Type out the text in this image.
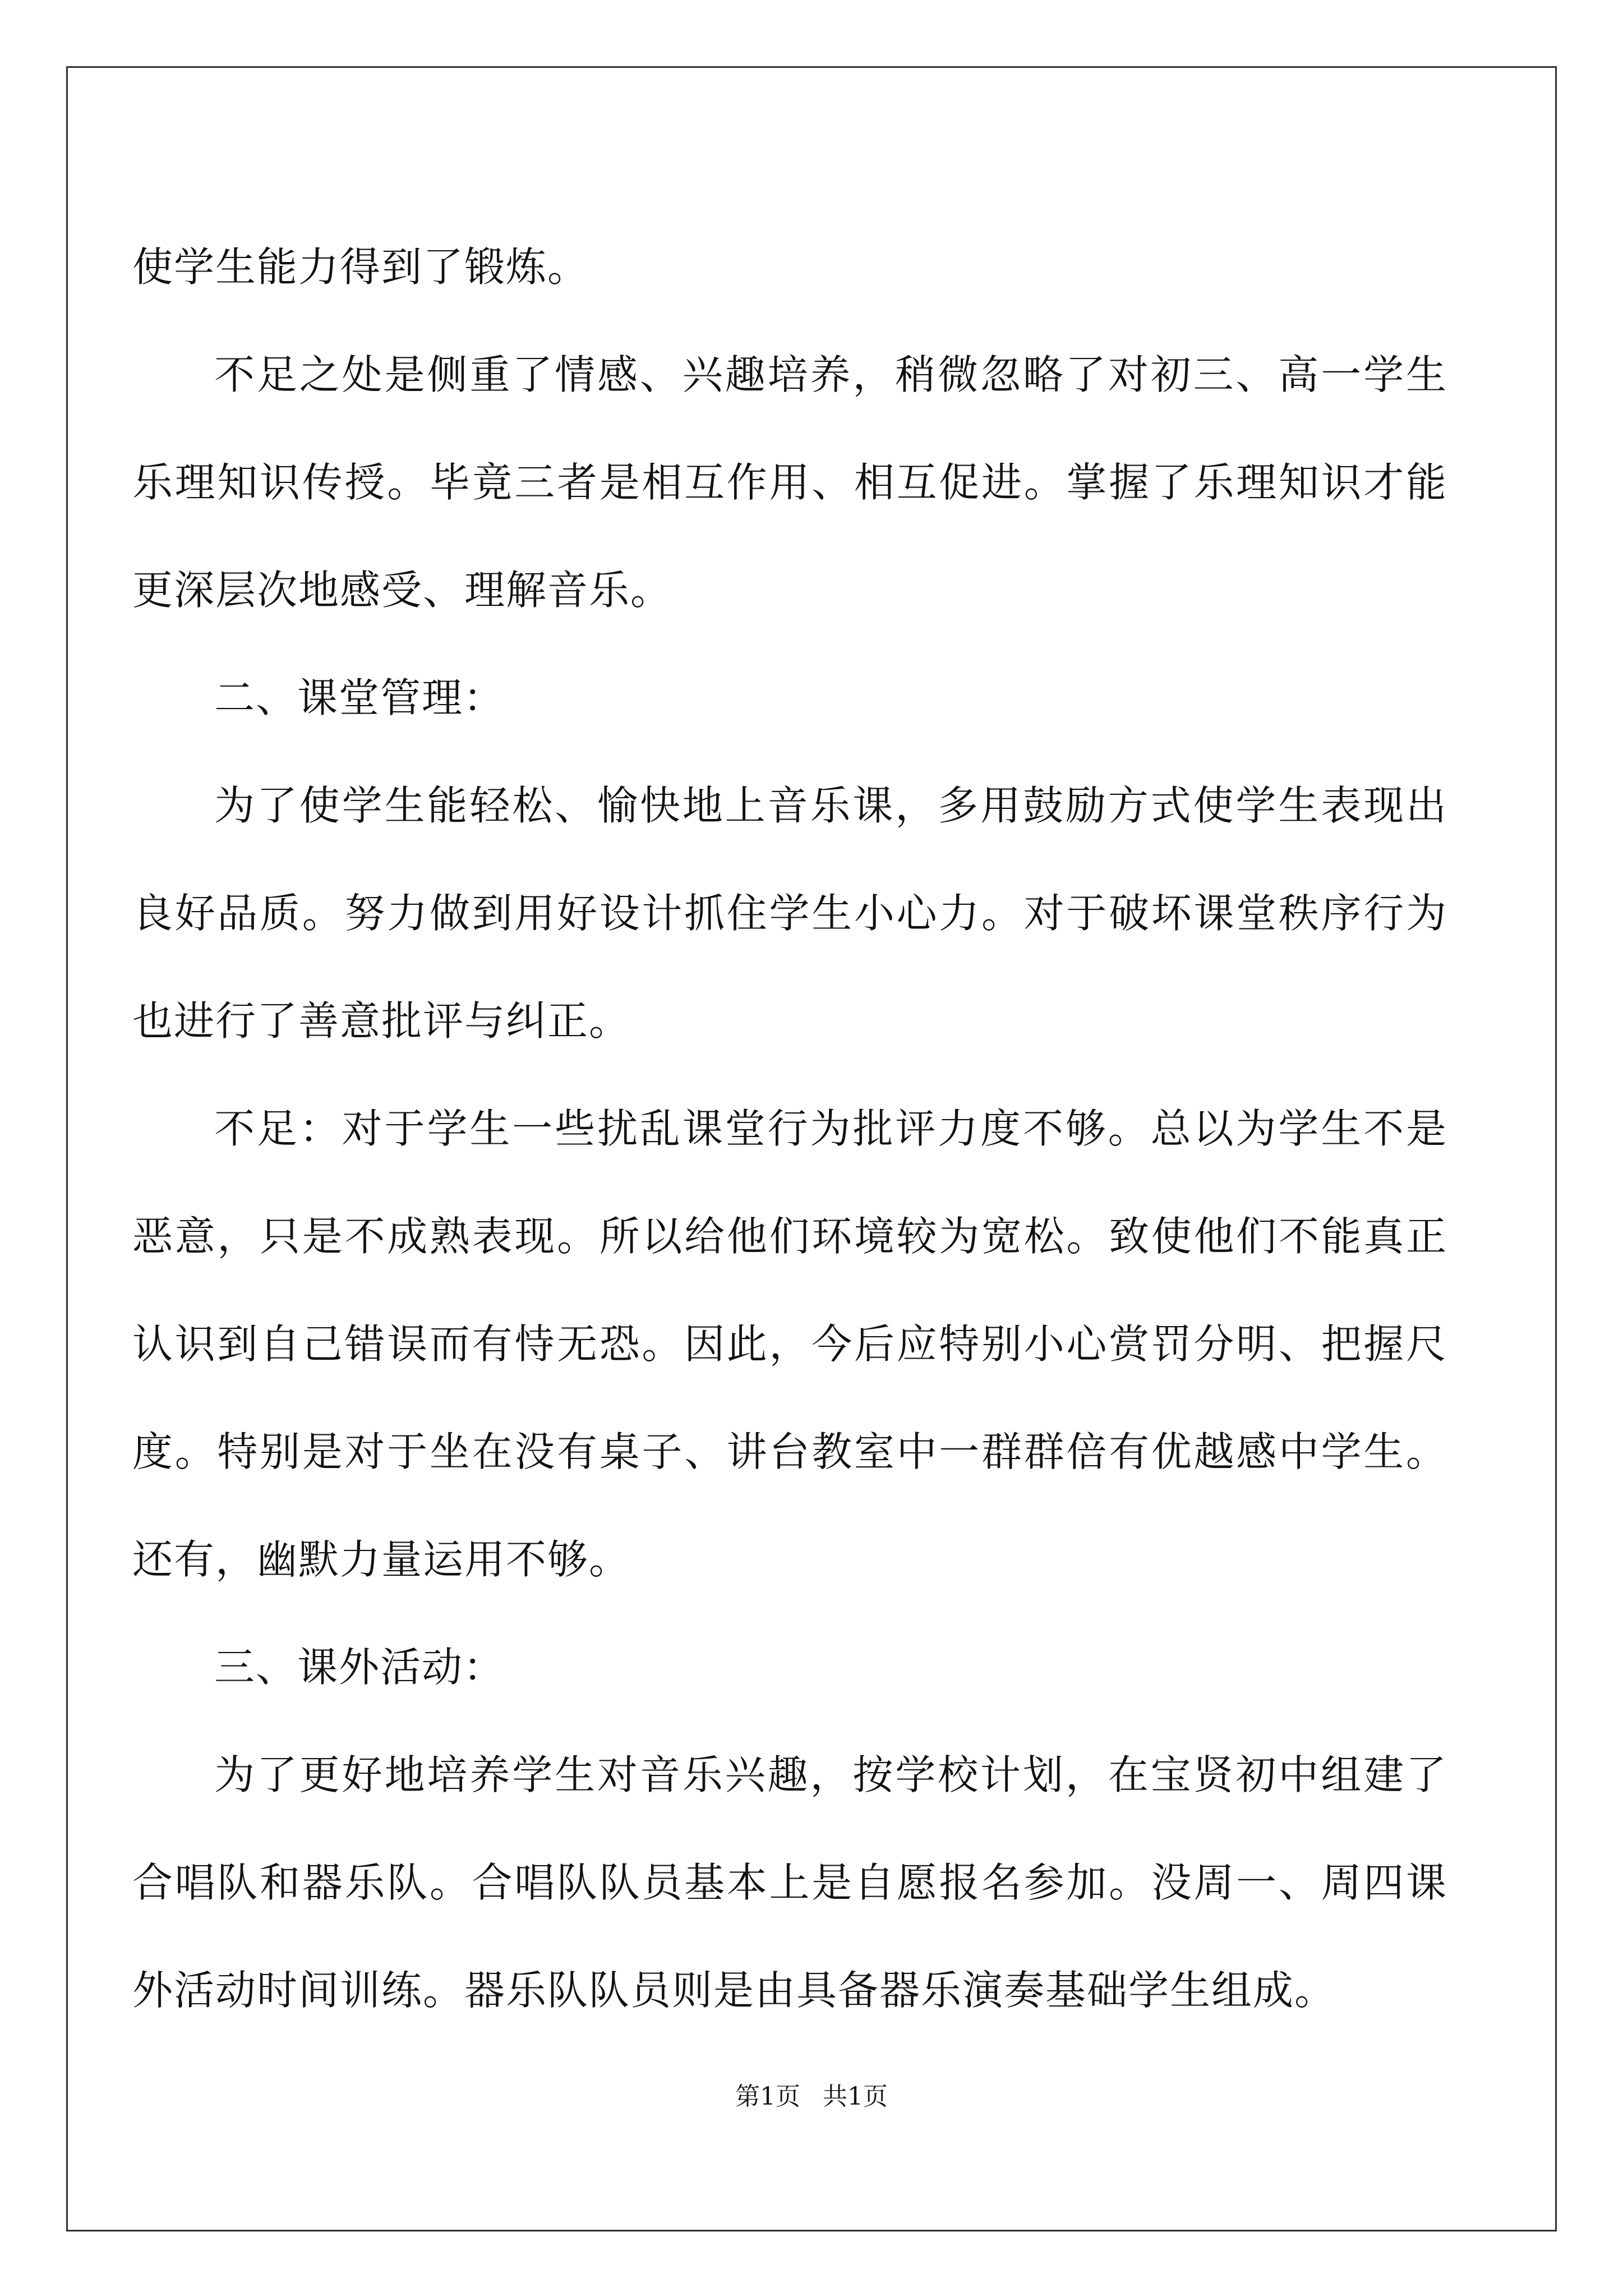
使学生能力得到了锻炼。

不足之处是侧重了情感、兴趣培养，稍微忽略了对初三、高一学生乐理知识传授。毕竟三者是相互作用、相互促进。掌握了乐理知识才能更深层次地感受、理解音乐。

二、课堂管理：

为了使学生能轻松、愉快地上音乐课，多用鼓励方式使学生表现出良好品质。努力做到用好设计抓住学生小心力。对于破坏课堂秩序行为也进行了善意批评与纠正。

不足：对于学生一些扰乱课堂行为批评力度不够。总以为学生不是恶意，只是不成熟表现。所以给他们环境较为宽松。致使他们不能真正认识到自己错误而有恃无恐。因此，今后应特别小心赏罚分明、把握尺度。特别是对于坐在没有桌子、讲台教室中一群群倍有优越感中学生。还有，幽默力量运用不够。

三、课外活动：

为了更好地培养学生对音乐兴趣，按学校计划，在宝贤初中组建了合唱队和器乐队。合唱队队员基本上是自愿报名参加。没周一、周四课外活动时间训练。器乐队队员则是由具备器乐演奏基础学生组成。

第1页 共1页
